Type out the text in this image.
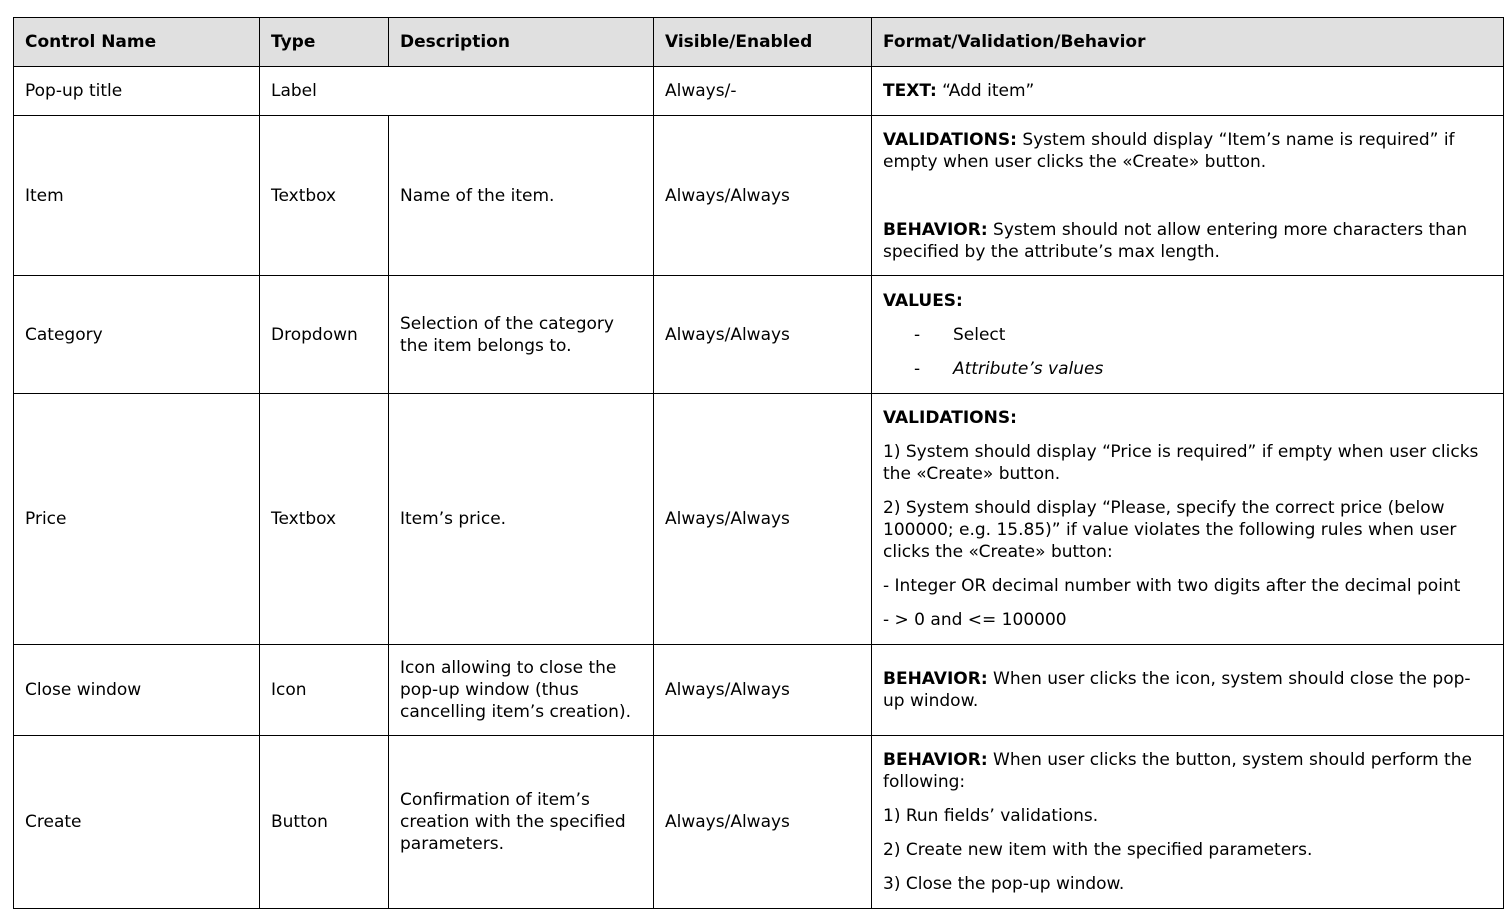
Control Name	Type	Description	Visible/Enabled	Format/Validation/Behavior
Pop-up title	Label		Always/-	TEXT: “Add item”
Item	Textbox	Name of the item.	Always/Always	VALIDATIONS: System should display “Item’s name is required” if empty when user clicks the «Create» button.

BEHAVIOR: System should not allow entering more characters than specified by the attribute’s max length.

Category	Dropdown	Selection of the category the item belongs to.	Always/Always	VALUES:

- Select
- Attribute’s values

Price	Textbox	Item’s price.	Always/Always	VALIDATIONS:

1) System should display “Price is required” if empty when user clicks the «Create» button.

2) System should display “Please, specify the correct price (below 100000; e.g. 15.85)” if value violates the following rules when user clicks the «Create» button:

- Integer OR decimal number with two digits after the decimal point

- > 0 and <= 100000

Close window	Icon	Icon allowing to close the pop-up window (thus cancelling item’s creation).	Always/Always	BEHAVIOR: When user clicks the icon, system should close the pop-up window.
Create	Button	Confirmation of item’s creation with the specified parameters.	Always/Always	BEHAVIOR: When user clicks the button, system should perform the following:

1) Run fields’ validations.

2) Create new item with the specified parameters.

3) Close the pop-up window.
